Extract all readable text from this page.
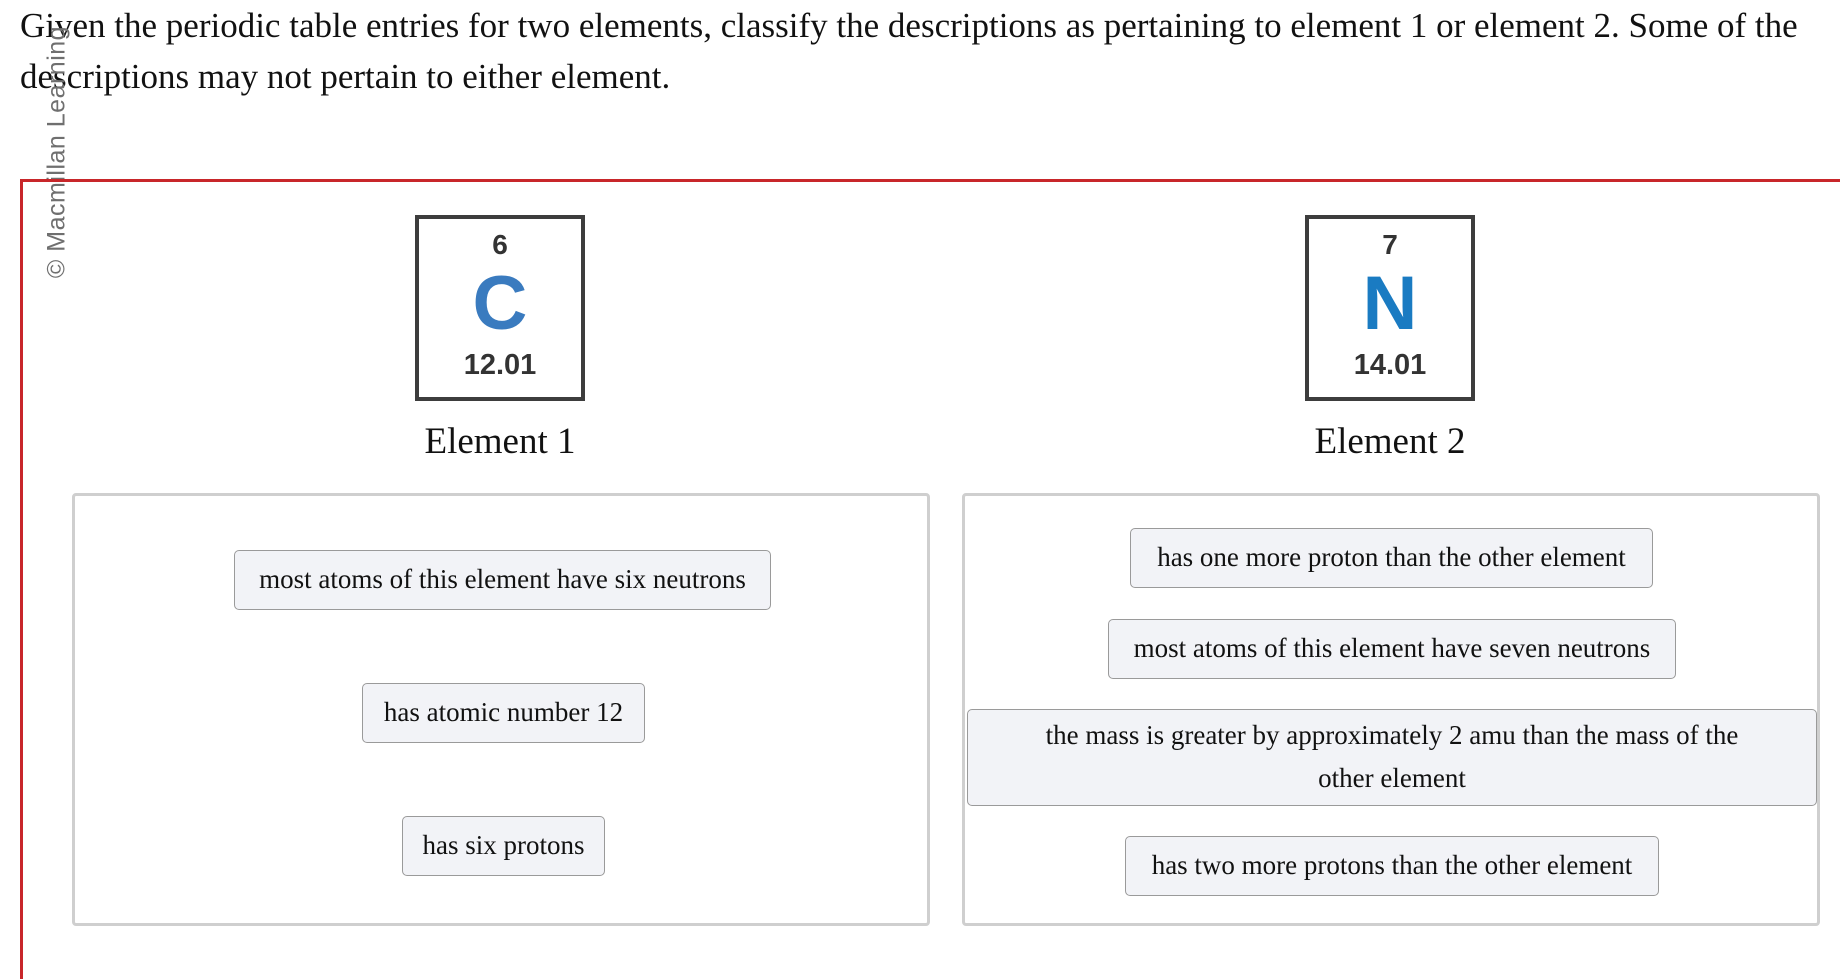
Given the periodic table entries for two elements, classify the descriptions as pertaining to element 1 or element 2. Some of the
descriptions may not pertain to either element.
© Macmillan Learning	6
C
12.01
Element 1
7
N
14.01
Element 2
most atoms of this element have six neutrons
has atomic number 12
has six protons
has one more proton than the other element
most atoms of this element have seven neutrons
the mass is greater by approximately 2 amu than the mass of the other element
has two more protons than the other element
